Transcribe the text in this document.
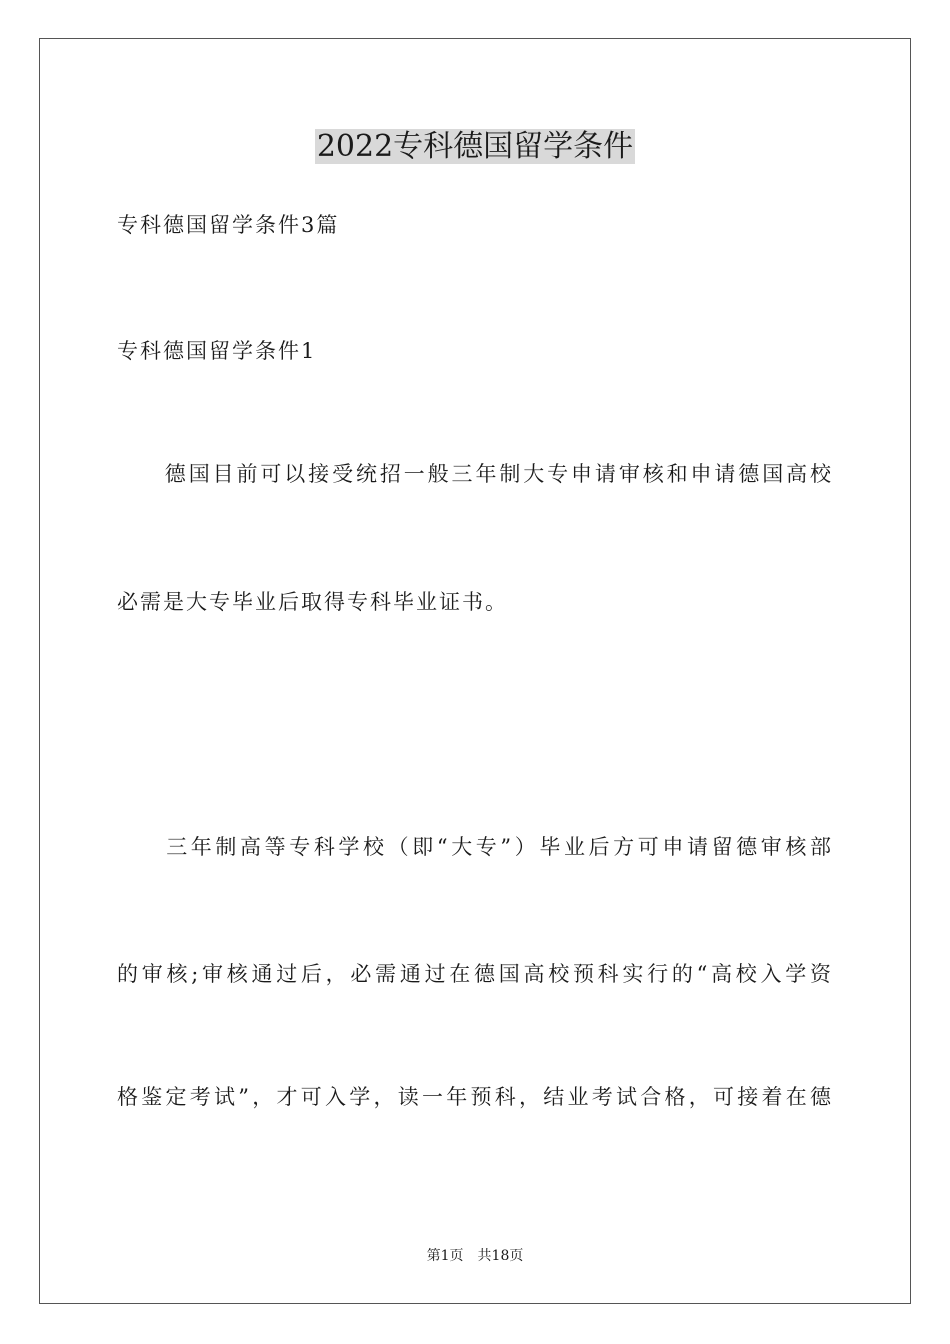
2022专科德国留学条件
专科德国留学条件3篇
专科德国留学条件1
　　德国目前可以接受统招一般三年制大专申请审核和申请德国高校
必需是大专毕业后取得专科毕业证书。
　　三年制高等专科学校（即“大专”）毕业后方可申请留德审核部
的审核;审核通过后，必需通过在德国高校预科实行的“高校入学资
格鉴定考试”，才可入学，读一年预科，结业考试合格，可接着在德
第1页　共18页
